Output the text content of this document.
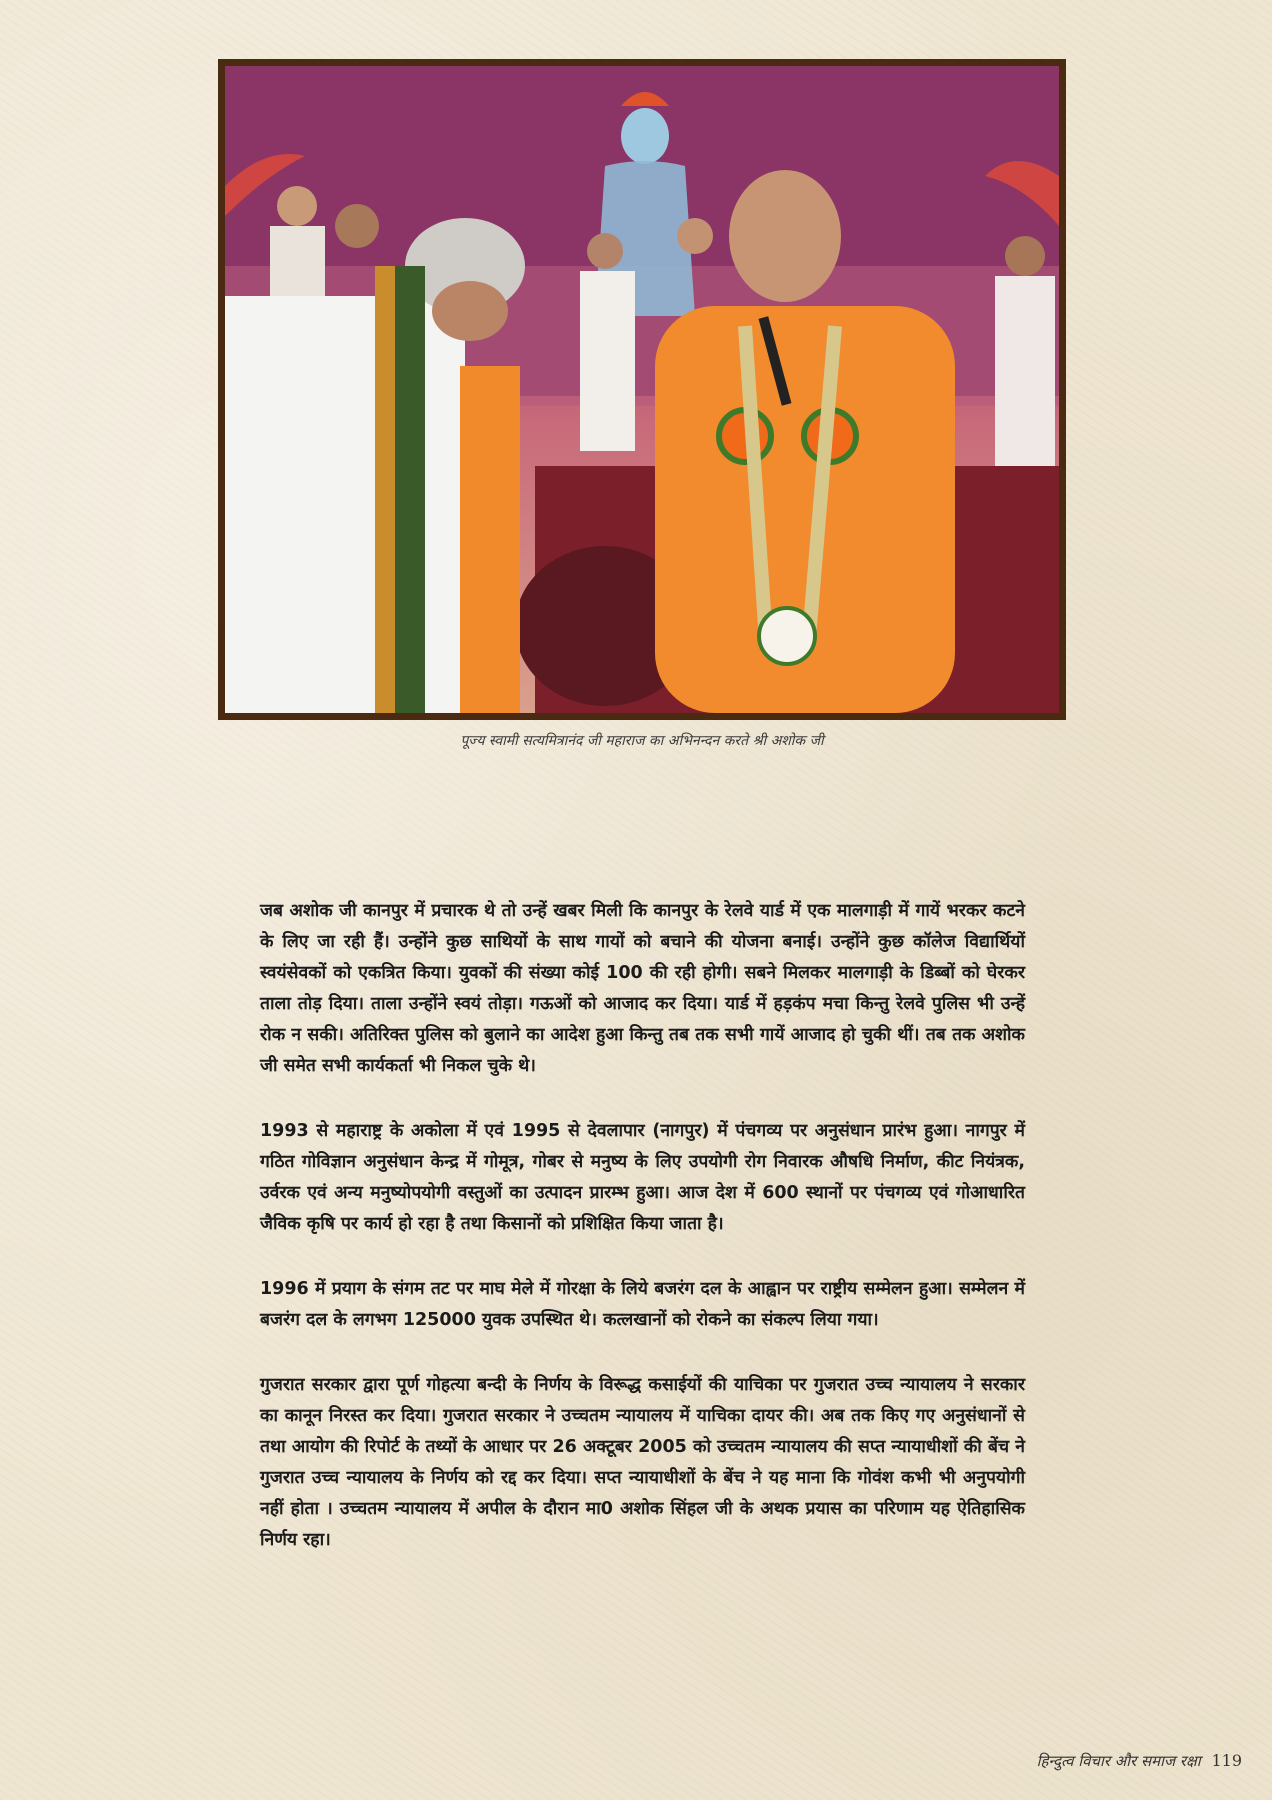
पूज्य स्वामी सत्यमित्रानंद जी महाराज का अभिनन्दन करते श्री अशोक जी

जब अशोक जी कानपुर में प्रचारक थे तो उन्हें खबर मिली कि कानपुर के रेलवे यार्ड में एक मालगाड़ी में गायें भरकर कटने के लिए जा रही हैं। उन्होंने कुछ साथियों के साथ गायों को बचाने की योजना बनाई। उन्होंने कुछ कॉलेज विद्यार्थियों स्वयंसेवकों को एकत्रित किया। युवकों की संख्या कोई 100 की रही होगी। सबने मिलकर मालगाड़ी के डिब्बों को घेरकर ताला तोड़ दिया। ताला उन्होंने स्वयं तोड़ा। गऊओं को आजाद कर दिया। यार्ड में हड़कंप मचा किन्तु रेलवे पुलिस भी उन्हें रोक न सकी। अतिरिक्त पुलिस को बुलाने का आदेश हुआ किन्तु तब तक सभी गायें आजाद हो चुकी थीं। तब तक अशोक जी समेत सभी कार्यकर्ता भी निकल चुके थे।

1993 से महाराष्ट्र के अकोला में एवं 1995 से देवलापार (नागपुर) में पंचगव्य पर अनुसंधान प्रारंभ हुआ। नागपुर में गठित गोविज्ञान अनुसंधान केन्द्र में गोमूत्र, गोबर से मनुष्य के लिए उपयोगी रोग निवारक औषधि निर्माण, कीट नियंत्रक, उर्वरक एवं अन्य मनुष्योपयोगी वस्तुओं का उत्पादन प्रारम्भ हुआ। आज देश में 600 स्थानों पर पंचगव्य एवं गोआधारित जैविक कृषि पर कार्य हो रहा है तथा किसानों को प्रशिक्षित किया जाता है।

1996 में प्रयाग के संगम तट पर माघ मेले में गोरक्षा के लिये बजरंग दल के आह्वान पर राष्ट्रीय सम्मेलन हुआ। सम्मेलन में बजरंग दल के लगभग 125000 युवक उपस्थित थे। कत्लखानों को रोकने का संकल्प लिया गया।

गुजरात सरकार द्वारा पूर्ण गोहत्या बन्दी के निर्णय के विरूद्ध कसाईयों की याचिका पर गुजरात उच्च न्यायालय ने सरकार का कानून निरस्त कर दिया। गुजरात सरकार ने उच्चतम न्यायालय में याचिका दायर की। अब तक किए गए अनुसंधानों से तथा आयोग की रिपोर्ट के तथ्यों के आधार पर 26 अक्टूबर 2005 को उच्चतम न्यायालय की सप्त न्यायाधीशों की बेंच ने गुजरात उच्च न्यायालय के निर्णय को रद्द कर दिया। सप्त न्यायाधीशों के बेंच ने यह माना कि गोवंश कभी भी अनुपयोगी नहीं होता । उच्चतम न्यायालय में अपील के दौरान मा0 अशोक सिंहल जी के अथक प्रयास का परिणाम यह ऐतिहासिक निर्णय रहा।

हिन्दुत्व विचार और समाज रक्षा 119
